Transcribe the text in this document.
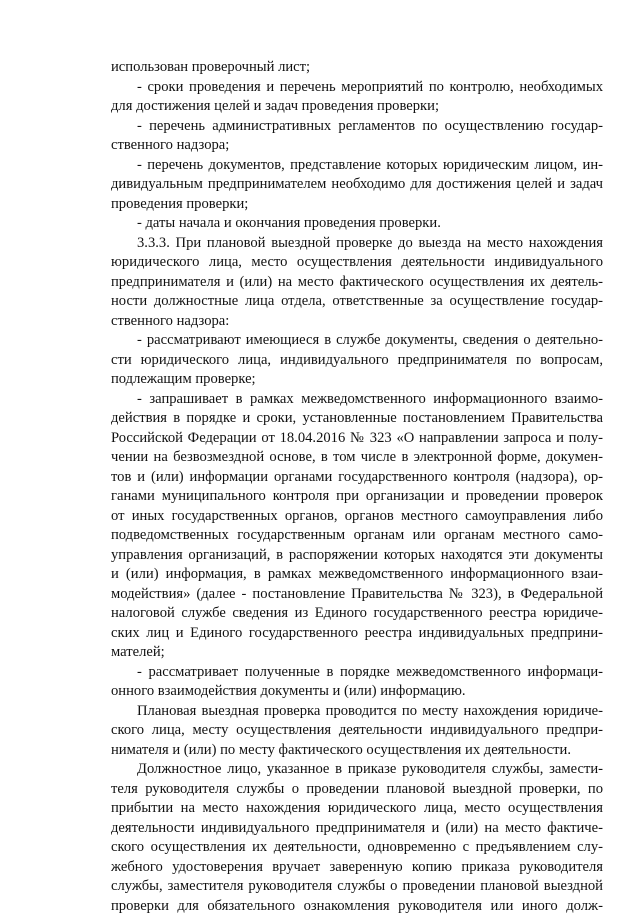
использован проверочный лист;
- сроки проведения и перечень мероприятий по контролю, необходимых
для достижения целей и задач проведения проверки;
- перечень административных регламентов по осуществлению государ-
ственного надзора;
- перечень документов, представление которых юридическим лицом, ин-
дивидуальным предпринимателем необходимо для достижения целей и задач
проведения проверки;
- даты начала и окончания проведения проверки.
3.3.3. При плановой выездной проверке до выезда на место нахождения
юридического лица, место осуществления деятельности индивидуального
предпринимателя и (или) на место фактического осуществления их деятель-
ности должностные лица отдела, ответственные за осуществление государ-
ственного надзора:
- рассматривают имеющиеся в службе документы, сведения о деятельно-
сти юридического лица, индивидуального предпринимателя по вопросам,
подлежащим проверке;
- запрашивает в рамках межведомственного информационного взаимо-
действия в порядке и сроки, установленные постановлением Правительства
Российской Федерации от 18.04.2016 № 323 «О направлении запроса и полу-
чении на безвозмездной основе, в том числе в электронной форме, докумен-
тов и (или) информации органами государственного контроля (надзора), ор-
ганами муниципального контроля при организации и проведении проверок
от иных государственных органов, органов местного самоуправления либо
подведомственных государственным органам или органам местного само-
управления организаций, в распоряжении которых находятся эти документы
и (или) информация, в рамках межведомственного информационного взаи-
модействия» (далее - постановление Правительства № 323), в Федеральной
налоговой службе сведения из Единого государственного реестра юридиче-
ских лиц и Единого государственного реестра индивидуальных предприни-
мателей;
- рассматривает полученные в порядке межведомственного информаци-
онного взаимодействия документы и (или) информацию.
Плановая выездная проверка проводится по месту нахождения юридиче-
ского лица, месту осуществления деятельности индивидуального предпри-
нимателя и (или) по месту фактического осуществления их деятельности.
Должностное лицо, указанное в приказе руководителя службы, замести-
теля руководителя службы о проведении плановой выездной проверки, по
прибытии на место нахождения юридического лица, место осуществления
деятельности индивидуального предпринимателя и (или) на место фактиче-
ского осуществления их деятельности, одновременно с предъявлением слу-
жебного удостоверения вручает заверенную копию приказа руководителя
службы, заместителя руководителя службы о проведении плановой выездной
проверки для обязательного ознакомления руководителя или иного долж-
